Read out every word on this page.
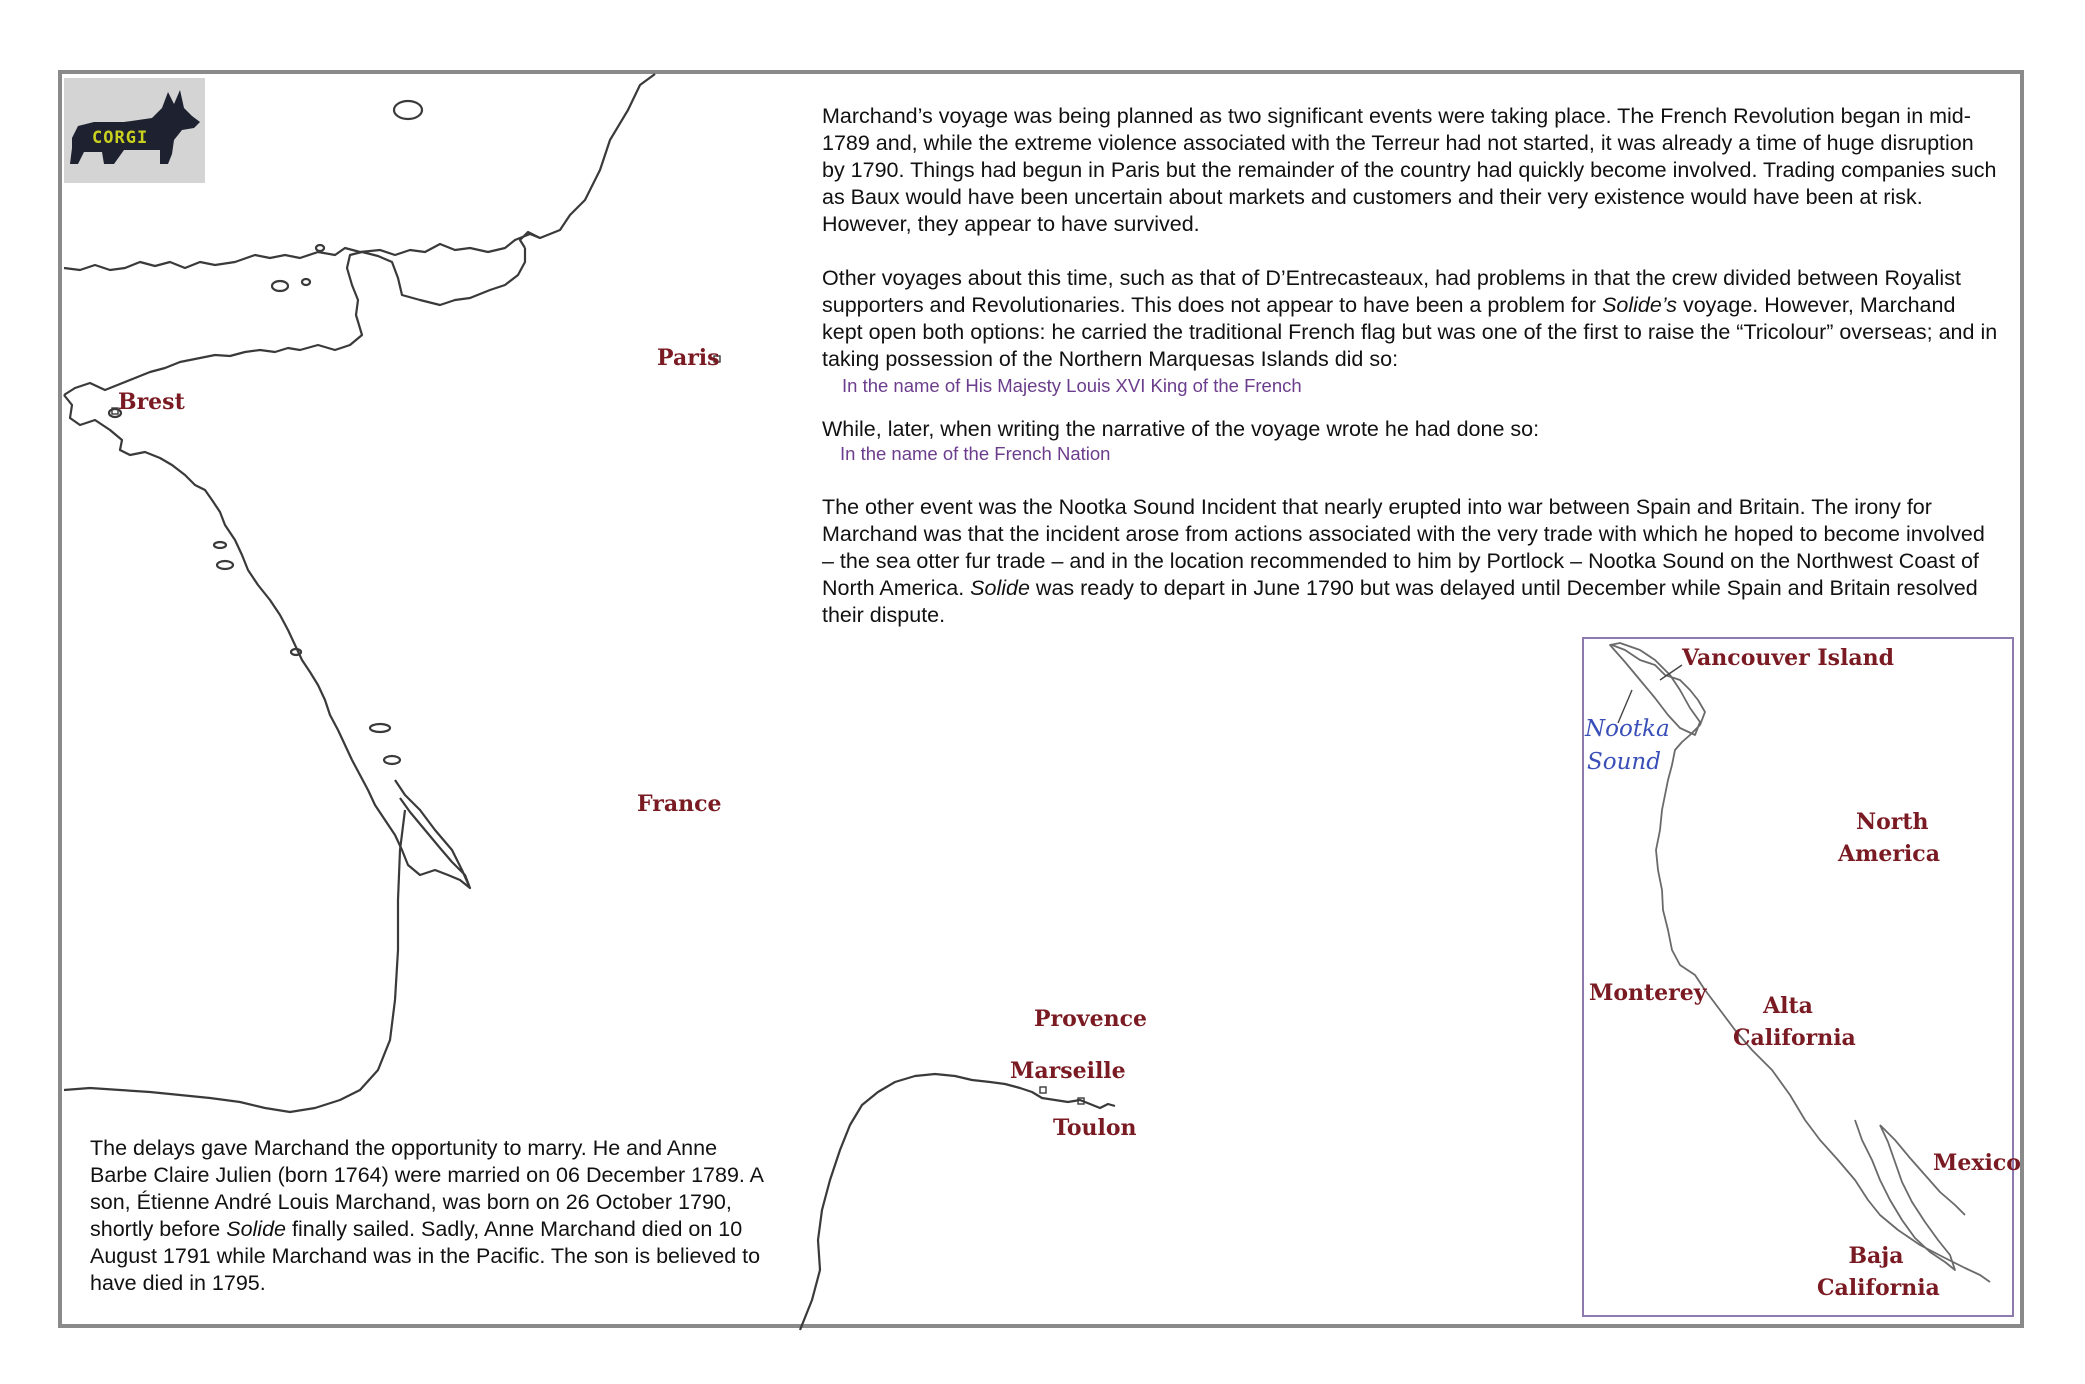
CORGI
Paris
Brest
France
Provence
Marseille
Toulon
Vancouver Island
Nootka
Sound
North
America
Monterey	Alta
California
Mexico
Baja
California
Marchand’s voyage was being planned as two significant events were taking place. The French Revolution began in mid-1789 and, while the extreme violence associated with the Terreur had not started, it was already a time of huge disruption by 1790. Things had begun in Paris but the remainder of the country had quickly become involved. Trading companies such as Baux would have been uncertain about markets and customers and their very existence would have been at risk. However, they appear to have survived.
Other voyages about this time, such as that of D’Entrecasteaux, had problems in that the crew divided between Royalist supporters and Revolutionaries. This does not appear to have been a problem for Solide’s voyage. However, Marchand kept open both options: he carried the traditional French flag but was one of the first to raise the “Tricolour” overseas; and in taking possession of the Northern Marquesas Islands did so:
In the name of His Majesty Louis XVI King of the French
While, later, when writing the narrative of the voyage wrote he had done so:
In the name of the French Nation
The other event was the Nootka Sound Incident that nearly erupted into war between Spain and Britain. The irony for Marchand was that the incident arose from actions associated with the very trade with which he hoped to become involved – the sea otter fur trade – and in the location recommended to him by Portlock – Nootka Sound on the Northwest Coast of North America. Solide was ready to depart in June 1790 but was delayed until December while Spain and Britain resolved their dispute.
The delays gave Marchand the opportunity to marry. He and Anne Barbe Claire Julien (born 1764) were married on 06 December 1789. A son, Étienne André Louis Marchand, was born on 26 October 1790, shortly before Solide finally sailed. Sadly, Anne Marchand died on 10 August 1791 while Marchand was in the Pacific. The son is believed to have died in 1795.
